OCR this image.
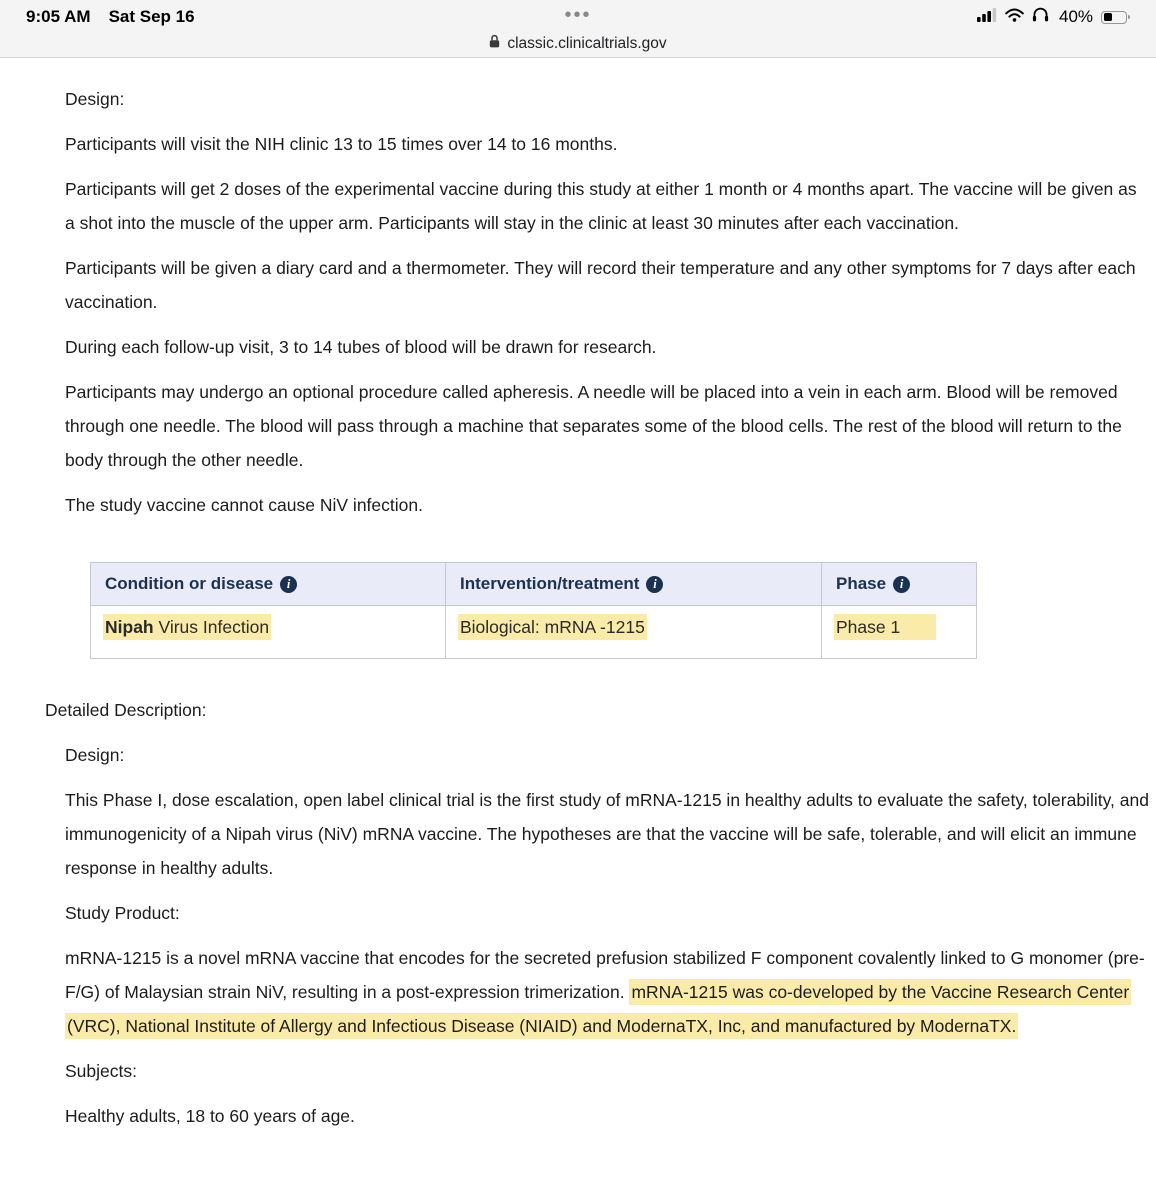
9:05 AM Sat Sep 16	•••	40%
classic.clinicaltrials.gov

Design:

Participants will visit the NIH clinic 13 to 15 times over 14 to 16 months.

Participants will get 2 doses of the experimental vaccine during this study at either 1 month or 4 months apart. The vaccine will be given as a shot into the muscle of the upper arm. Participants will stay in the clinic at least 30 minutes after each vaccination.

Participants will be given a diary card and a thermometer. They will record their temperature and any other symptoms for 7 days after each vaccination.

During each follow-up visit, 3 to 14 tubes of blood will be drawn for research.

Participants may undergo an optional procedure called apheresis. A needle will be placed into a vein in each arm. Blood will be removed through one needle. The blood will pass through a machine that separates some of the blood cells. The rest of the blood will return to the body through the other needle.

The study vaccine cannot cause NiV infection.

Condition or disease i	Intervention/treatment i	Phase i
Nipah Virus Infection	Biological: mRNA -1215	Phase 1
Detailed Description:

Design:

This Phase I, dose escalation, open label clinical trial is the first study of mRNA-1215 in healthy adults to evaluate the safety, tolerability, and immunogenicity of a Nipah virus (NiV) mRNA vaccine. The hypotheses are that the vaccine will be safe, tolerable, and will elicit an immune response in healthy adults.

Study Product:

mRNA-1215 is a novel mRNA vaccine that encodes for the secreted prefusion stabilized F component covalently linked to G monomer (pre-F/G) of Malaysian strain NiV, resulting in a post-expression trimerization. mRNA-1215 was co-developed by the Vaccine Research Center (VRC), National Institute of Allergy and Infectious Disease (NIAID) and ModernaTX, Inc, and manufactured by ModernaTX.

Subjects:

Healthy adults, 18 to 60 years of age.
